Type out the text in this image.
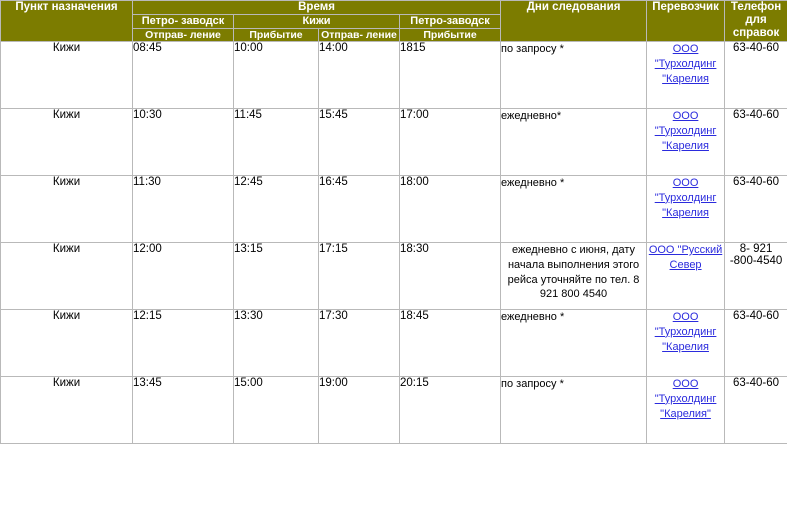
Пункт назначения	Время				Дни следования	Перевозчик	Телефон для справок
	Петро- заводск	Кижи		Петро-заводск			
	Отправ- ление	Прибытие	Отправ- ление	Прибытие			
Кижи	08:45	10:00	14:00	1815	по запросу *	ООО "Турхолдинг "Карелия	63-40-60
Кижи	10:30	11:45	15:45	17:00	ежедневно*	ООО "Турхолдинг "Карелия	63-40-60
Кижи	11:30	12:45	16:45	18:00	ежедневно *	ООО "Турхолдинг "Карелия	63-40-60
Кижи	12:00	13:15	17:15	18:30	ежедневно с июня, дату начала выполнения этого рейса уточняйте по тел. 8 921 800 4540	ООО "Русский Север	8- 921 -800-4540
Кижи	12:15	13:30	17:30	18:45	ежедневно *	ООО "Турхолдинг "Карелия	63-40-60
Кижи	13:45	15:00	19:00	20:15	по запросу *	ООО "Турхолдинг "Карелия"	63-40-60
